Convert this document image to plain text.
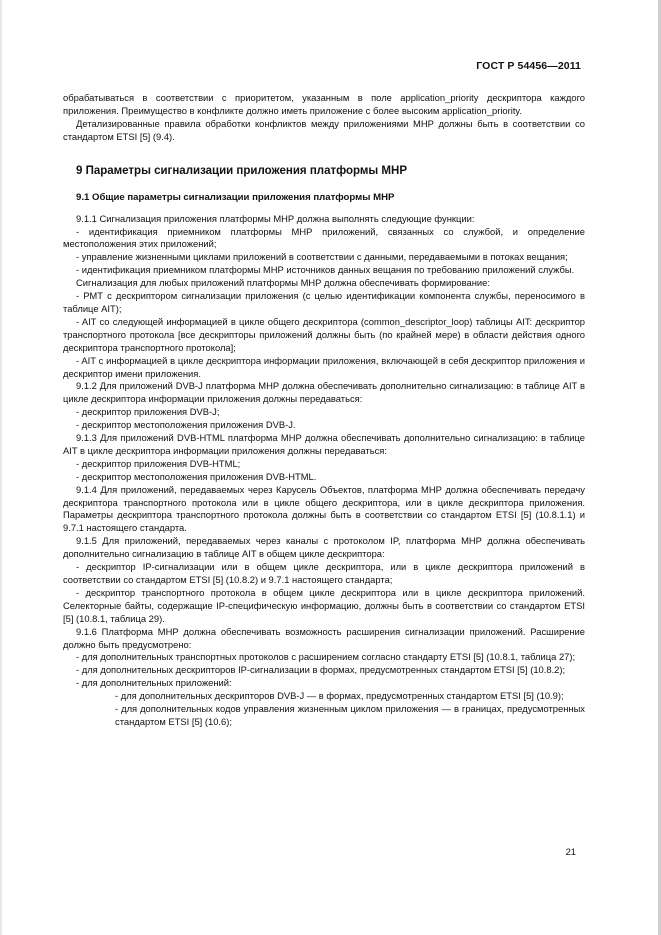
ГОСТ Р 54456—2011

обрабатываться в соответствии с приоритетом, указанным в поле application_priority дескриптора каждого приложения. Преимущество в конфликте должно иметь приложение с более высоким application_priority.

Детализированные правила обработки конфликтов между приложениями МНР должны быть в соответствии со стандартом ETSI [5] (9.4).

9 Параметры сигнализации приложения платформы МНР

9.1 Общие параметры сигнализации приложения платформы МНР

9.1.1 Сигнализация приложения платформы МНР должна выполнять следующие функции:

- идентификация приемником платформы МНР приложений, связанных со службой, и определение местоположения этих приложений;

- управление жизненными циклами приложений в соответствии с данными, передаваемыми в потоках вещания;

- идентификация приемником платформы МНР источников данных вещания по требованию приложений службы.

Сигнализация для любых приложений платформы МНР должна обеспечивать формирование:

- РМТ с дескриптором сигнализации приложения (с целью идентификации компонента службы, переносимого в таблице AIT);

- AIT со следующей информацией в цикле общего дескриптора (common_descriptor_loop) таблицы AIT: дескриптор транспортного протокола [все дескрипторы приложений должны быть (по крайней мере) в области действия одного дескриптора транспортного протокола];

- AIT с информацией в цикле дескриптора информации приложения, включающей в себя дескриптор приложения и дескриптор имени приложения.

9.1.2 Для приложений DVB-J платформа МНР должна обеспечивать дополнительно сигнализацию: в таблице AIT в цикле дескриптора информации приложения должны передаваться:

- дескриптор приложения DVB-J;

- дескриптор местоположения приложения DVB-J.

9.1.3 Для приложений DVB-HTML платформа МНР должна обеспечивать дополнительно сигнализацию: в таблице AIT в цикле дескриптора информации приложения должны передаваться:

- дескриптор приложения DVB-HTML;

- дескриптор местоположения приложения DVB-HTML.

9.1.4 Для приложений, передаваемых через Карусель Объектов, платформа МНР должна обеспечивать передачу дескриптора транспортного протокола или в цикле общего дескриптора, или в цикле дескриптора приложения. Параметры дескриптора транспортного протокола должны быть в соответствии со стандартом ETSI [5] (10.8.1.1) и 9.7.1 настоящего стандарта.

9.1.5 Для приложений, передаваемых через каналы с протоколом IP, платформа МНР должна обеспечивать дополнительно сигнализацию в таблице AIT в общем цикле дескриптора:

- дескриптор IP-сигнализации или в общем цикле дескриптора, или в цикле дескриптора приложений в соответствии со стандартом ETSI [5] (10.8.2) и 9.7.1 настоящего стандарта;

- дескриптор транспортного протокола в общем цикле дескриптора или в цикле дескриптора приложений. Селекторные байты, содержащие IP-специфическую информацию, должны быть в соответствии со стандартом ETSI [5] (10.8.1, таблица 29).

9.1.6 Платформа МНР должна обеспечивать возможность расширения сигнализации приложений. Расширение должно быть предусмотрено:

- для дополнительных транспортных протоколов с расширением согласно стандарту ETSI [5] (10.8.1, таблица 27);

- для дополнительных дескрипторов IP-сигнализации в формах, предусмотренных стандартом ETSI [5] (10.8.2);

- для дополнительных приложений:

- для дополнительных дескрипторов DVB-J — в формах, предусмотренных стандартом ETSI [5] (10.9);

- для дополнительных кодов управления жизненным циклом приложения — в границах, предусмотренных стандартом ETSI [5] (10.6);

21
